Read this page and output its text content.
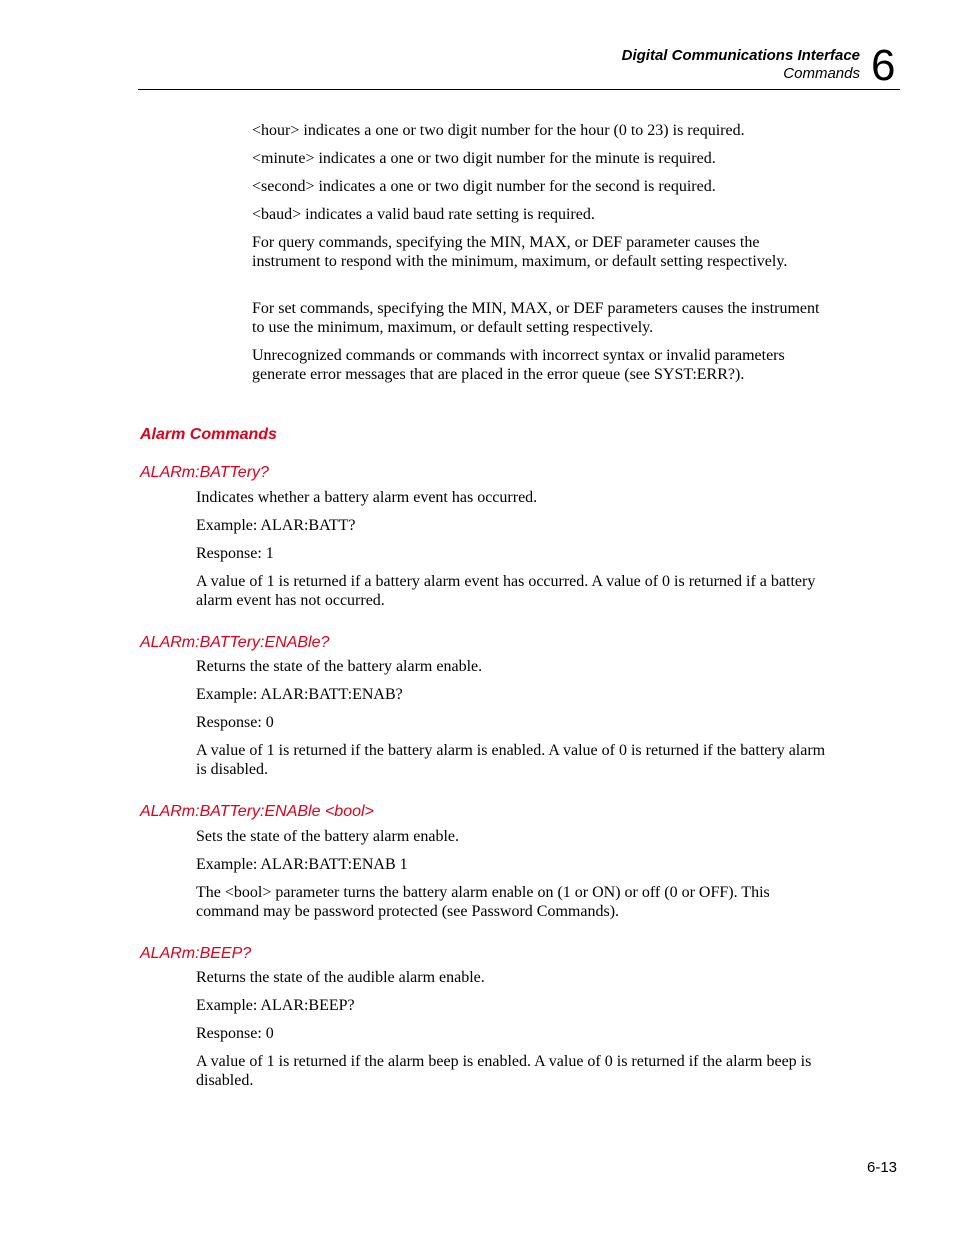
Digital Communications Interface
Commands 6

<hour> indicates a one or two digit number for the hour (0 to 23) is required.

<minute> indicates a one or two digit number for the minute is required.

<second> indicates a one or two digit number for the second is required.

<baud> indicates a valid baud rate setting is required.

For query commands, specifying the MIN, MAX, or DEF parameter causes the instrument to respond with the minimum, maximum, or default setting respectively.

For set commands, specifying the MIN, MAX, or DEF parameters causes the instrument to use the minimum, maximum, or default setting respectively.

Unrecognized commands or commands with incorrect syntax or invalid parameters generate error messages that are placed in the error queue (see SYST:ERR?).

Alarm Commands
ALARm:BATTery?

Indicates whether a battery alarm event has occurred.

Example: ALAR:BATT?

Response: 1

A value of 1 is returned if a battery alarm event has occurred. A value of 0 is returned if a battery alarm event has not occurred.

ALARm:BATTery:ENABle?

Returns the state of the battery alarm enable.

Example: ALAR:BATT:ENAB?

Response: 0

A value of 1 is returned if the battery alarm is enabled. A value of 0 is returned if the battery alarm is disabled.

ALARm:BATTery:ENABle <bool>

Sets the state of the battery alarm enable.

Example: ALAR:BATT:ENAB 1

The <bool> parameter turns the battery alarm enable on (1 or ON) or off (0 or OFF). This command may be password protected (see Password Commands).

ALARm:BEEP?

Returns the state of the audible alarm enable.

Example: ALAR:BEEP?

Response: 0

A value of 1 is returned if the alarm beep is enabled. A value of 0 is returned if the alarm beep is disabled.

6-13
